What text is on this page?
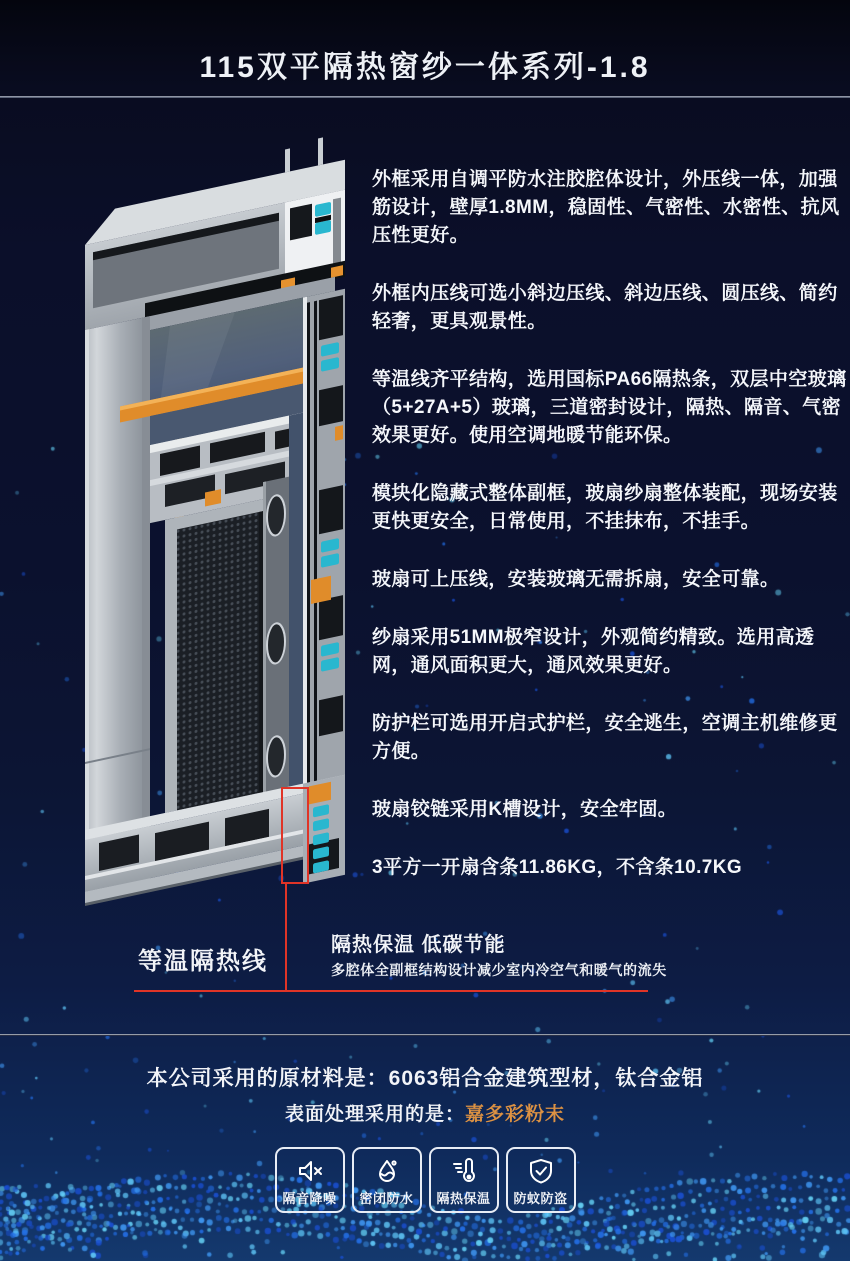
115双平隔热窗纱一体系列-1.8
等温隔热线
隔热保温 低碳节能
多腔体全副框结构设计减少室内冷空气和暖气的流失

外框采用自调平防水注胶腔体设计，外压线一体，加强筋设计，壁厚1.8MM，稳固性、气密性、水密性、抗风压性更好。

外框内压线可选小斜边压线、斜边压线、圆压线、简约轻奢，更具观景性。

等温线齐平结构，选用国标PA66隔热条，双层中空玻璃（5+27A+5）玻璃，三道密封设计，隔热、隔音、气密效果更好。使用空调地暖节能环保。

模块化隐藏式整体副框，玻扇纱扇整体装配，现场安装更快更安全，日常使用，不挂抹布，不挂手。

玻扇可上压线，安装玻璃无需拆扇，安全可靠。

纱扇采用51MM极窄设计，外观简约精致。选用高透网，通风面积更大，通风效果更好。

防护栏可选用开启式护栏，安全逃生，空调主机维修更方便。

玻扇铰链采用K槽设计，安全牢固。

3平方一开扇含条11.86KG，不含条10.7KG

本公司采用的原材料是：6063铝合金建筑型材，钛合金铝

表面处理采用的是：嘉多彩粉末

隔音降噪 密闭防水 隔热保温 防蚊防盗
